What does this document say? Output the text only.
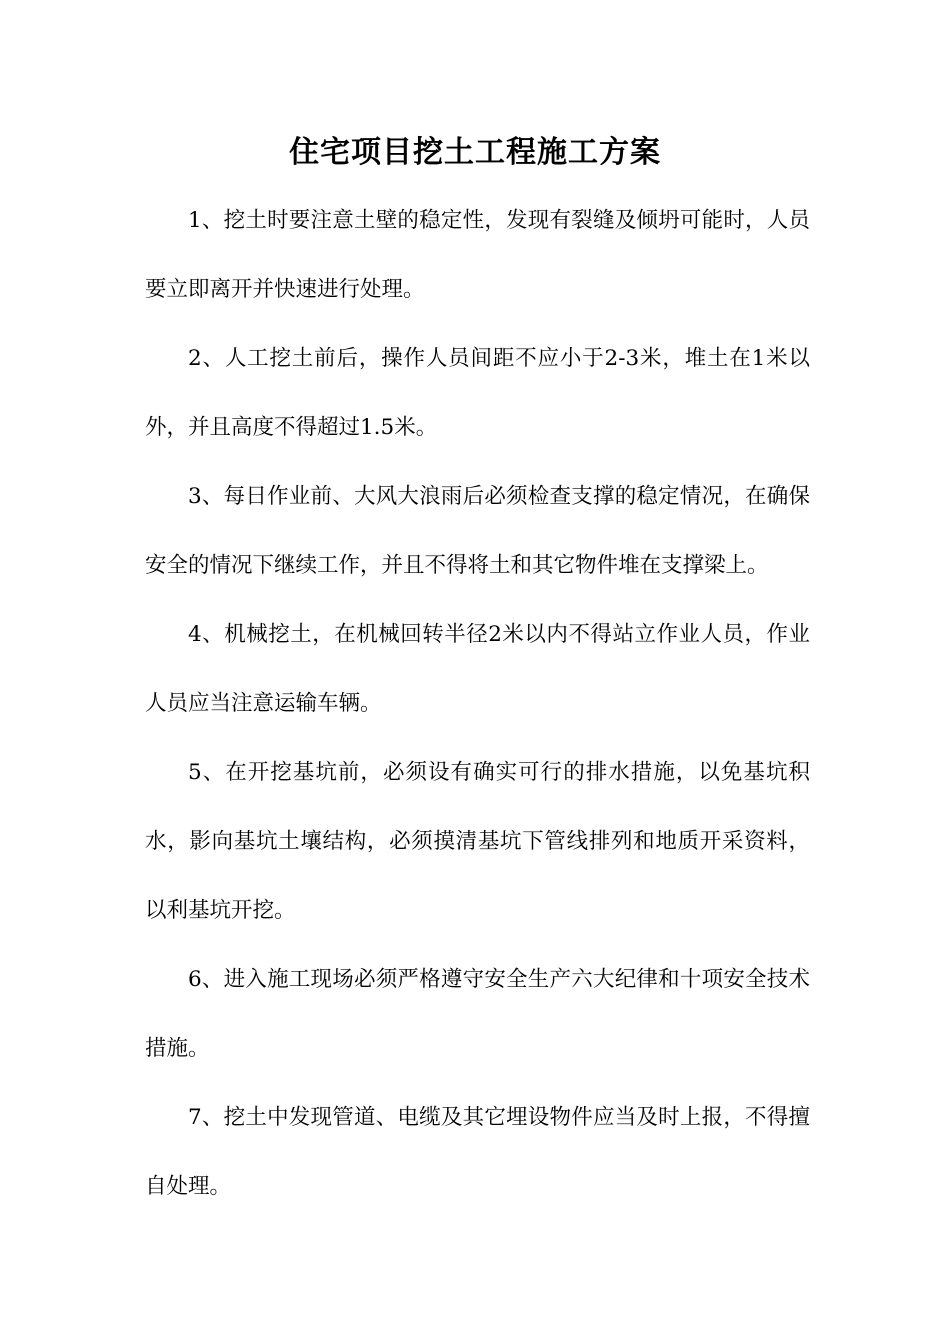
住宅项目挖土工程施工方案

1、挖土时要注意土壁的稳定性，发现有裂缝及倾坍可能时，人员要立即离开并快速进行处理。

2、人工挖土前后，操作人员间距不应小于2-3米，堆土在1米以外，并且高度不得超过1.5米。

3、每日作业前、大风大浪雨后必须检查支撑的稳定情况，在确保安全的情况下继续工作，并且不得将土和其它物件堆在支撑梁上。

4、机械挖土，在机械回转半径2米以内不得站立作业人员，作业人员应当注意运输车辆。

5、在开挖基坑前，必须设有确实可行的排水措施，以免基坑积水，影向基坑土壤结构，必须摸清基坑下管线排列和地质开采资料，以利基坑开挖。

6、进入施工现场必须严格遵守安全生产六大纪律和十项安全技术措施。

7、挖土中发现管道、电缆及其它埋设物件应当及时上报，不得擅自处理。
